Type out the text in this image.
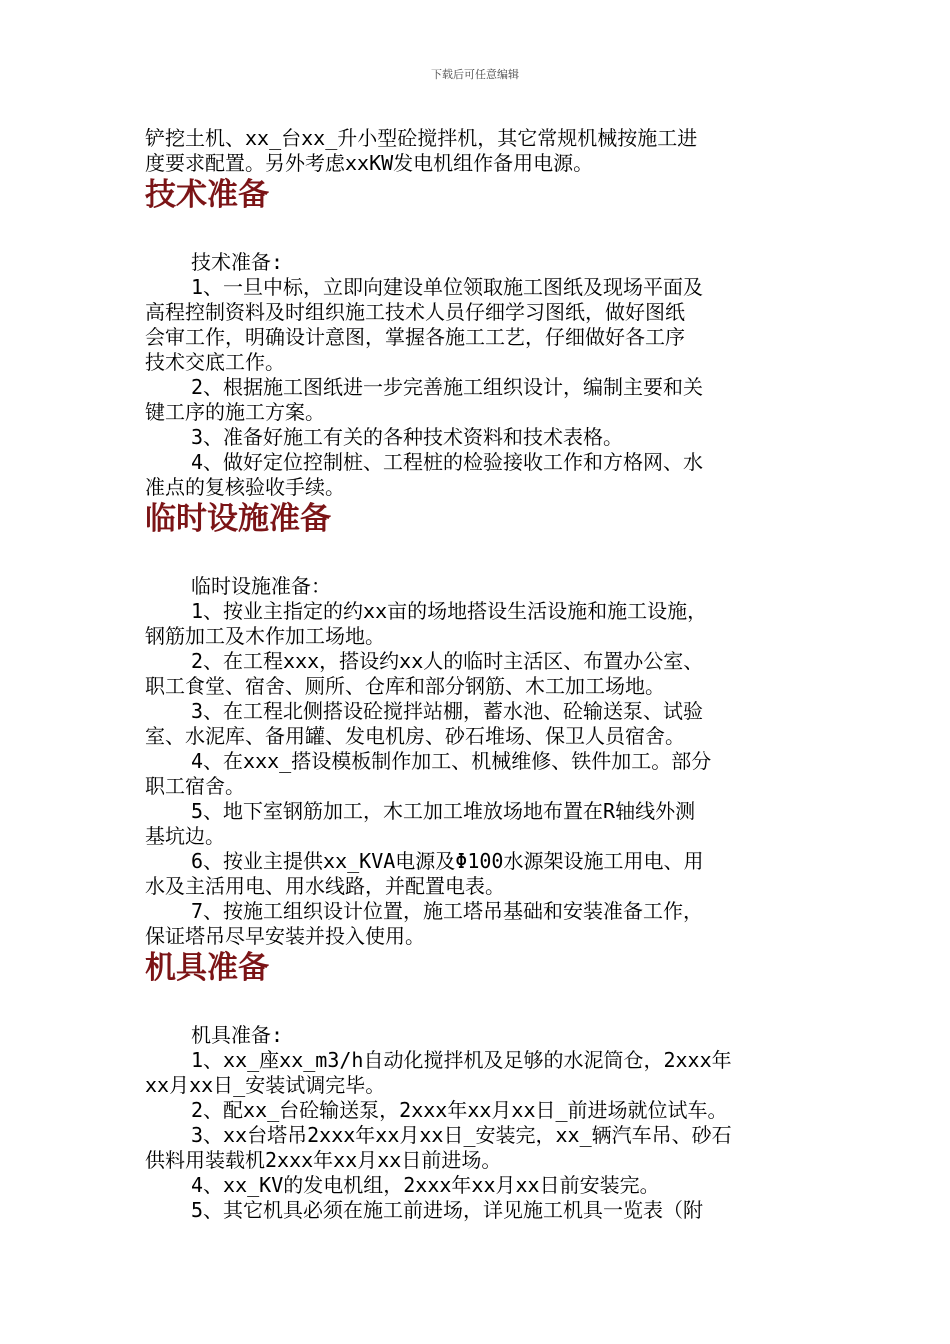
下载后可任意编辑
铲挖土机、xx_台xx_升小型砼搅拌机，其它常规机械按施工进
度要求配置。另外考虑xxKW发电机组作备用电源。
技术准备
技术准备:
1、一旦中标，立即向建设单位领取施工图纸及现场平面及
高程控制资料及时组织施工技术人员仔细学习图纸，做好图纸
会审工作，明确设计意图，掌握各施工工艺，仔细做好各工序
技术交底工作。
2、根据施工图纸进一步完善施工组织设计，编制主要和关
键工序的施工方案。
3、准备好施工有关的各种技术资料和技术表格。
4、做好定位控制桩、工程桩的检验接收工作和方格网、水
准点的复核验收手续。
临时设施准备
临时设施准备：
1、按业主指定的约xx亩的场地搭设生活设施和施工设施，
钢筋加工及木作加工场地。
2、在工程xxx，搭设约xx人的临时主活区、布置办公室、
职工食堂、宿舍、厕所、仓库和部分钢筋、木工加工场地。
3、在工程北侧搭设砼搅拌站棚，蓄水池、砼输送泵、试验
室、水泥库、备用罐、发电机房、砂石堆场、保卫人员宿舍。
4、在xxx_搭设模板制作加工、机械维修、铁件加工。部分
职工宿舍。
5、地下室钢筋加工，木工加工堆放场地布置在R轴线外测
基坑边。
6、按业主提供xx_KVA电源及Φ100水源架设施工用电、用
水及主活用电、用水线路，并配置电表。
7、按施工组织设计位置，施工塔吊基础和安装准备工作，
保证塔吊尽早安装并投入使用。
机具准备
机具准备:
1、xx_座xx_m3/h自动化搅拌机及足够的水泥筒仓，2xxx年
xx月xx日_安装试调完毕。
2、配xx_台砼输送泵，2xxx年xx月xx日_前进场就位试车。
3、xx台塔吊2xxx年xx月xx日_安装完，xx_辆汽车吊、砂石
供料用装载机2xxx年xx月xx日前进场。
4、xx_KV的发电机组，2xxx年xx月xx日前安装完。
5、其它机具必须在施工前进场，详见施工机具一览表（附
